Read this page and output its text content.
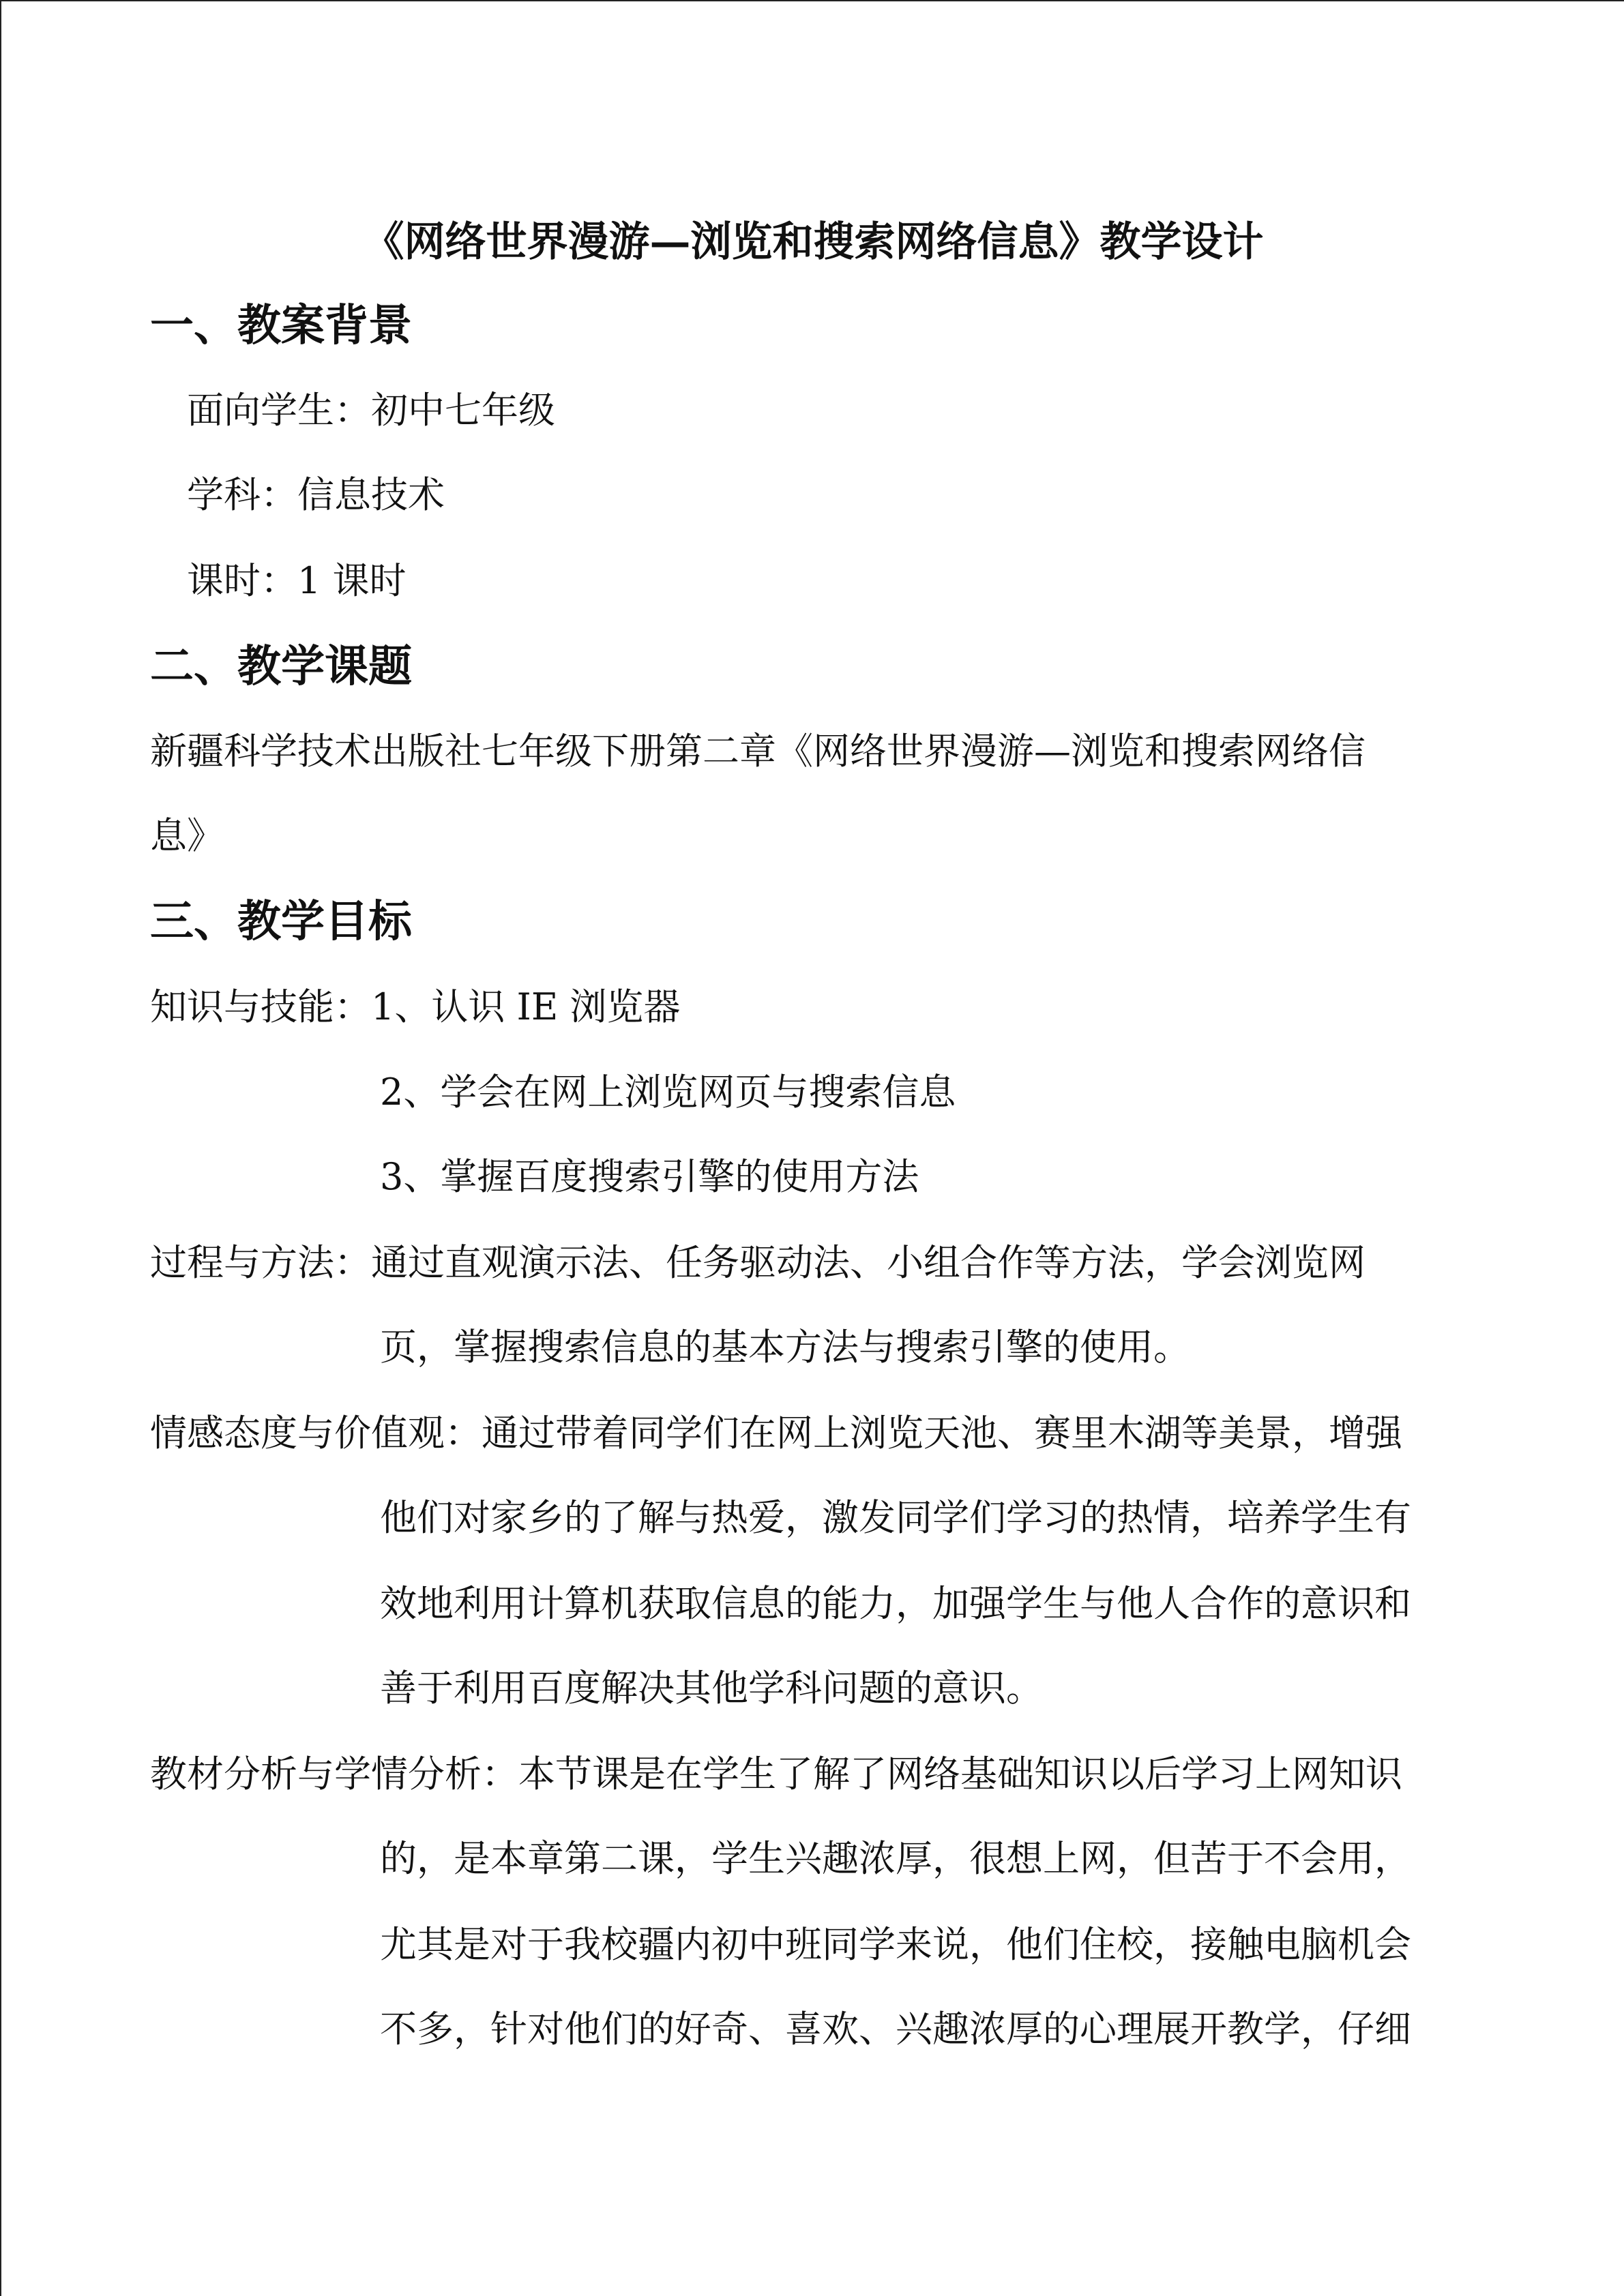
《网络世界漫游—浏览和搜索网络信息》教学设计
一、教案背景
面向学生：初中七年级
学科：信息技术
课时：1 课时
二、教学课题
新疆科学技术出版社七年级下册第二章《网络世界漫游—浏览和搜索网络信
息》
三、教学目标
知识与技能：1、认识 IE 浏览器
2、学会在网上浏览网页与搜索信息
3、掌握百度搜索引擎的使用方法
过程与方法：通过直观演示法、任务驱动法、小组合作等方法，学会浏览网
页，掌握搜索信息的基本方法与搜索引擎的使用。
情感态度与价值观：通过带着同学们在网上浏览天池、赛里木湖等美景，增强
他们对家乡的了解与热爱，激发同学们学习的热情，培养学生有
效地利用计算机获取信息的能力，加强学生与他人合作的意识和
善于利用百度解决其他学科问题的意识。
教材分析与学情分析：本节课是在学生了解了网络基础知识以后学习上网知识
的，是本章第二课，学生兴趣浓厚，很想上网，但苦于不会用，
尤其是对于我校疆内初中班同学来说，他们住校，接触电脑机会
不多，针对他们的好奇、喜欢、兴趣浓厚的心理展开教学，仔细
